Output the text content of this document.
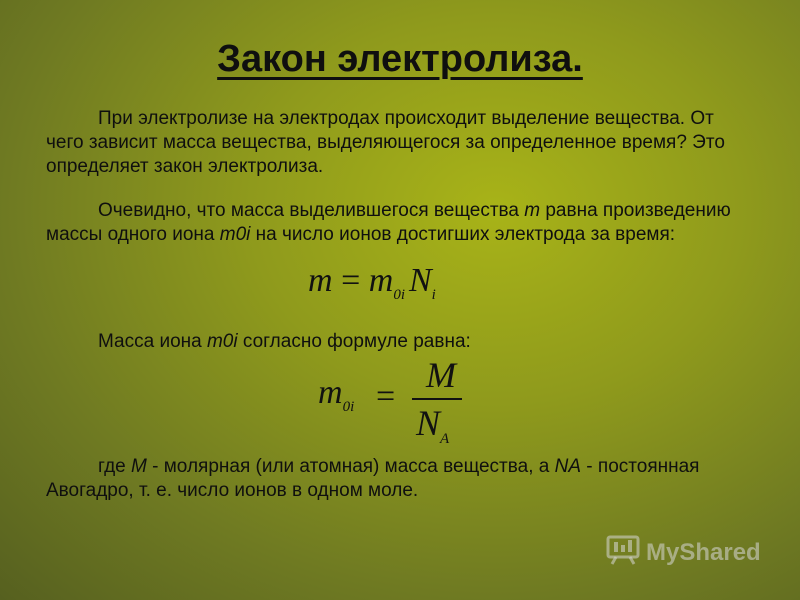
Закон электролиза.

При электролизе на электродах происходит выделение вещества. От чего зависит масса вещества, выделяющегося за определенное время? Это определяет закон электролиза.

Очевидно, что масса выделившегося вещества m равна произведению массы одного иона m0i на число ионов достигших электрода за время:

$m = m_{0i}$ $N_i$

Масса иона m0i согласно формуле равна:

$m_{0i}$ =
M
$N_A$

где M - молярная (или атомная) масса вещества, а NA - постоянная Авогадро, т. е. число ионов в одном моле.

MyShared
